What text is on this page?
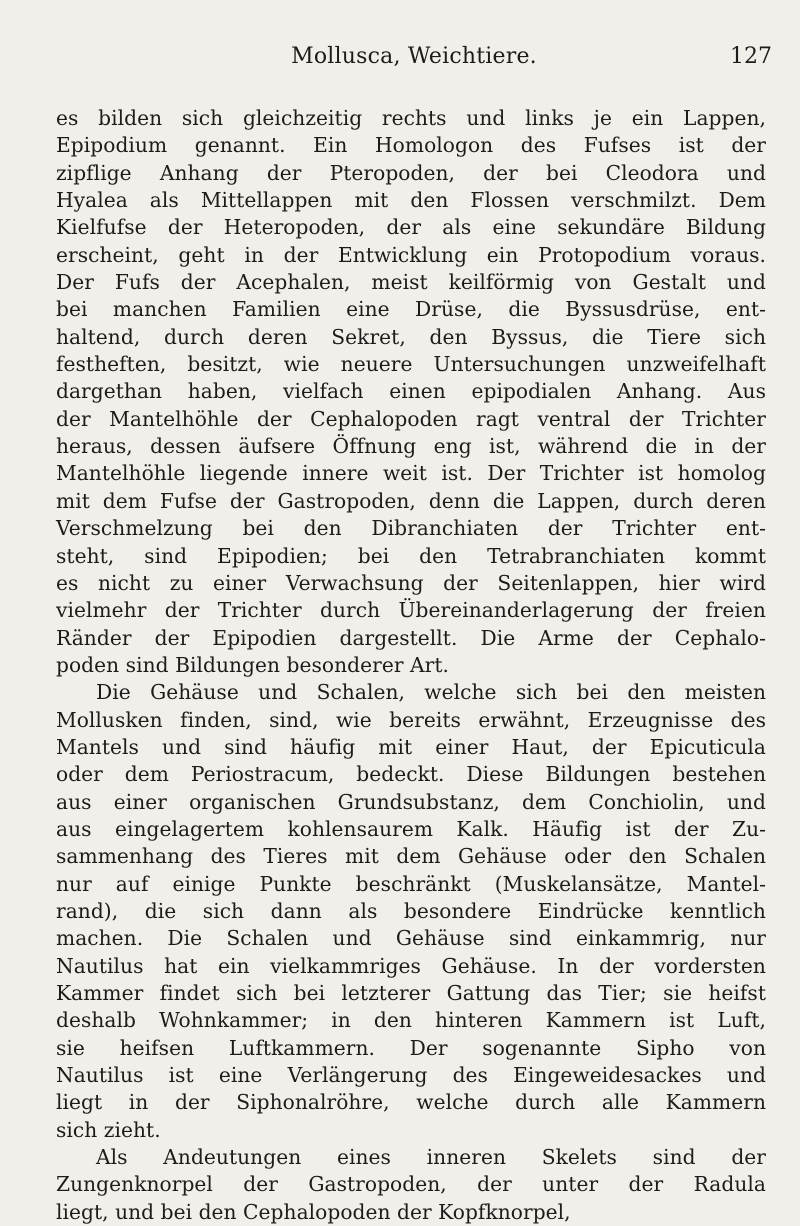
Mollusca, Weichtiere.	127

es bilden sich gleichzeitig rechts und links je ein Lappen,
Epipodium genannt. Ein Homologon des Fufses ist der
zipflige Anhang der Pteropoden, der bei Cleodora und
Hyalea als Mittellappen mit den Flossen verschmilzt. Dem
Kielfufse der Heteropoden, der als eine sekundäre Bildung
erscheint, geht in der Entwicklung ein Protopodium voraus.
Der Fufs der Acephalen, meist keilförmig von Gestalt und
bei manchen Familien eine Drüse, die Byssusdrüse, ent-
haltend, durch deren Sekret, den Byssus, die Tiere sich
festheften, besitzt, wie neuere Untersuchungen unzweifelhaft
dargethan haben, vielfach einen epipodialen Anhang. Aus
der Mantelhöhle der Cephalopoden ragt ventral der Trichter
heraus, dessen äufsere Öffnung eng ist, während die in der
Mantelhöhle liegende innere weit ist. Der Trichter ist homolog
mit dem Fufse der Gastropoden, denn die Lappen, durch deren
Verschmelzung bei den Dibranchiaten der Trichter ent-
steht, sind Epipodien; bei den Tetrabranchiaten kommt
es nicht zu einer Verwachsung der Seitenlappen, hier wird
vielmehr der Trichter durch Übereinanderlagerung der freien
Ränder der Epipodien dargestellt. Die Arme der Cephalo-
poden sind Bildungen besonderer Art.

Die Gehäuse und Schalen, welche sich bei den meisten
Mollusken finden, sind, wie bereits erwähnt, Erzeugnisse des
Mantels und sind häufig mit einer Haut, der Epicuticula
oder dem Periostracum, bedeckt. Diese Bildungen bestehen
aus einer organischen Grundsubstanz, dem Conchiolin, und
aus eingelagertem kohlensaurem Kalk. Häufig ist der Zu-
sammenhang des Tieres mit dem Gehäuse oder den Schalen
nur auf einige Punkte beschränkt (Muskelansätze, Mantel-
rand), die sich dann als besondere Eindrücke kenntlich
machen. Die Schalen und Gehäuse sind einkammrig, nur
Nautilus hat ein vielkammriges Gehäuse. In der vordersten
Kammer findet sich bei letzterer Gattung das Tier; sie heifst
deshalb Wohnkammer; in den hinteren Kammern ist Luft,
sie heifsen Luftkammern. Der sogenannte Sipho von
Nautilus ist eine Verlängerung des Eingeweidesackes und
liegt in der Siphonalröhre, welche durch alle Kammern
sich zieht.

Als Andeutungen eines inneren Skelets sind der
Zungenknorpel der Gastropoden, der unter der Radula
liegt, und bei den Cephalopoden der Kopfknorpel,
